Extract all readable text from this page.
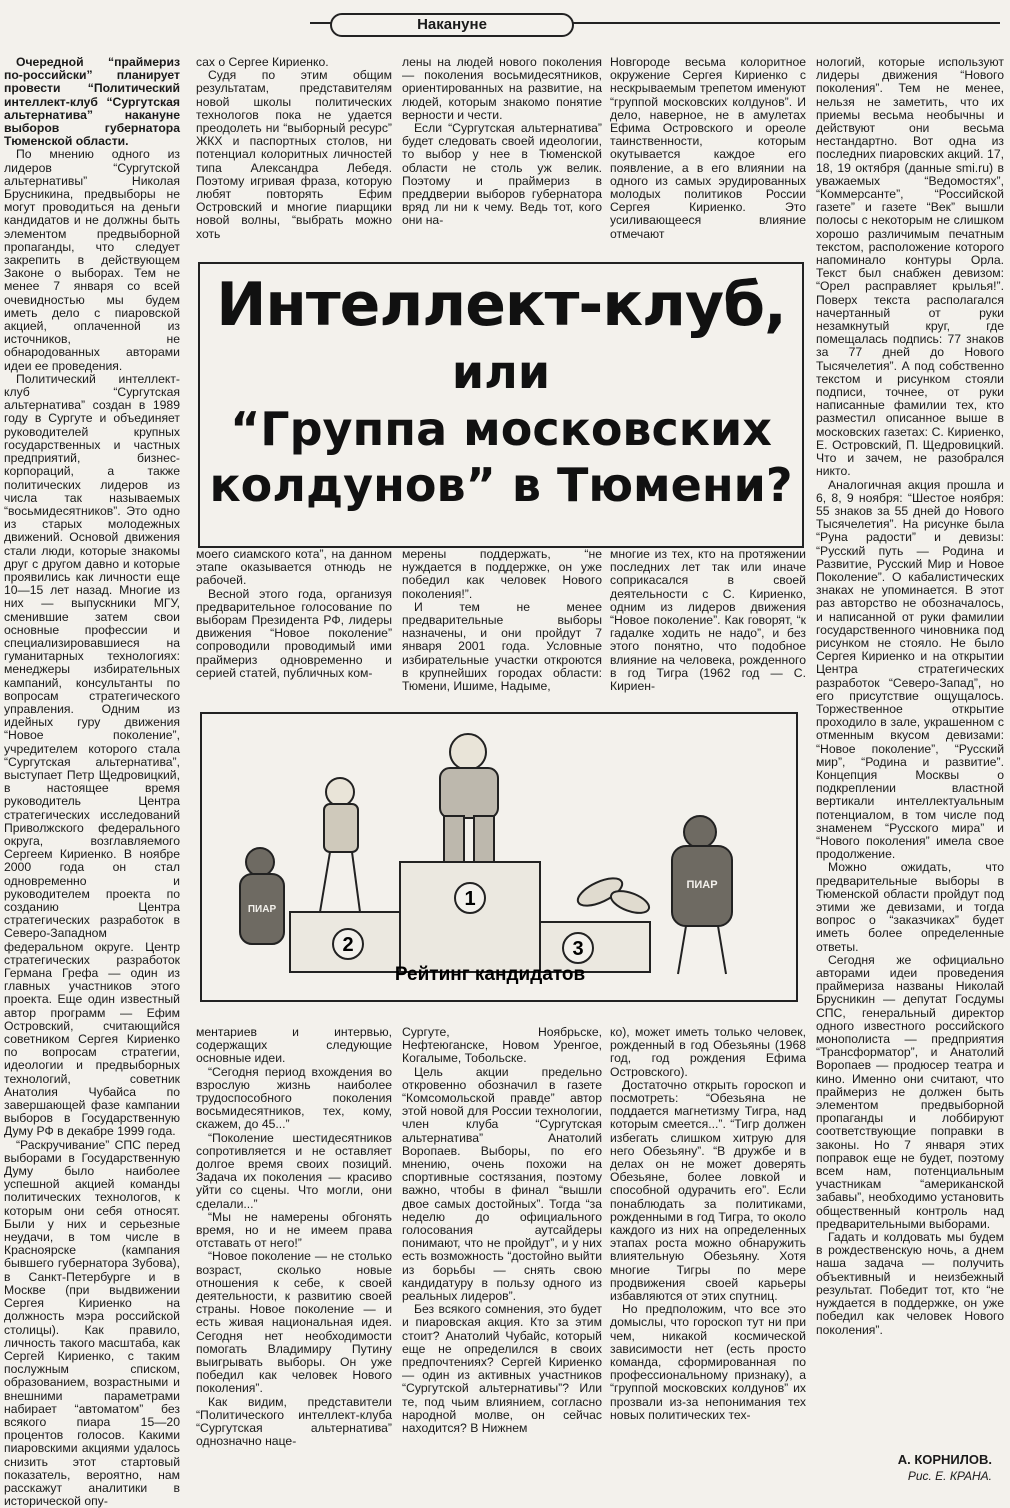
Накануне

Очередной “праймериз по-российски” планирует провести “Политический интеллект-клуб “Сургутская альтернатива” накануне выборов губернатора Тюменской области.

По мнению одного из лидеров “Сургутской альтернативы” Николая Брусникина, предвыборы не могут проводиться на деньги кандидатов и не должны быть элементом предвыборной пропаганды, что следует закрепить в действующем Законе о выборах. Тем не менее 7 января со всей очевидностью мы будем иметь дело с пиаровской акцией, оплаченной из источников, не обнародованных авторами идеи ее проведения.

Политический интеллект-клуб “Сургутская альтернатива” создан в 1989 году в Сургуте и объединяет руководителей крупных государственных и частных предприятий, бизнес-корпораций, а также политических лидеров из числа так называемых “восьмидесятников”. Это одно из старых молодежных движений. Основой движения стали люди, которые знакомы друг с другом давно и которые проявились как личности еще 10—15 лет назад. Многие из них — выпускники МГУ, сменившие затем свои основные профессии и специализировавшиеся на гуманитарных технологиях: менеджеры избирательных кампаний, консультанты по вопросам стратегического управления. Одним из идейных гуру движения “Новое поколение”, учредителем которого стала “Сургутская альтернатива”, выступает Петр Щедровицкий, в настоящее время руководитель Центра стратегических исследований Приволжского федерального округа, возглавляемого Сергеем Кириенко. В ноябре 2000 года он стал одновременно и руководителем проекта по созданию Центра стратегических разработок в Северо-Западном федеральном округе. Центр стратегических разработок Германа Грефа — один из главных участников этого проекта. Еще один известный автор программ — Ефим Островский, считающийся советником Сергея Кириенко по вопросам стратегии, идеологии и предвыборных технологий, советник Анатолия Чубайса по завершающей фазе кампании выборов в Государственную Думу РФ в декабре 1999 года.

“Раскручивание” СПС перед выборами в Государственную Думу было наиболее успешной акцией команды политических технологов, к которым они себя относят. Были у них и серьезные неудачи, в том числе в Красноярске (кампания бывшего губернатора Зубова), в Санкт-Петербурге и в Москве (при выдвижении Сергея Кириенко на должность мэра российской столицы). Как правило, личность такого масштаба, как Сергей Кириенко, с таким послужным списком, образованием, возрастными и внешними параметрами набирает “автоматом” без всякого пиара 15—20 процентов голосов. Какими пиаровскими акциями удалось снизить этот стартовый показатель, вероятно, нам расскажут аналитики в исторической опу-

сах о Сергее Кириенко.

Судя по этим общим результатам, представителям новой школы политических технологов пока не удается преодолеть ни “выборный ресурс” ЖКХ и паспортных столов, ни потенциал колоритных личностей типа Александра Лебедя. Поэтому игривая фраза, которую любят повторять Ефим Островский и многие пиарщики новой волны, “выбрать можно хоть

лены на людей нового поколения — поколения восьмидесятников, ориентированных на развитие, на людей, которым знакомо понятие верности и чести.

Если “Сургутская альтернатива” будет следовать своей идеологии, то выбор у нее в Тюменской области не столь уж велик. Поэтому и праймериз в преддверии выборов губернатора вряд ли ни к чему. Ведь тот, кого они на-

Новгороде весьма колоритное окружение Сергея Кириенко с нескрываемым трепетом именуют “группой московских колдунов”. И дело, наверное, не в амулетах Ефима Островского и ореоле таинственности, которым окутывается каждое его появление, а в его влиянии на одного из самых эрудированных молодых политиков России Сергея Кириенко. Это усиливающееся влияние отмечают

нологий, которые используют лидеры движения “Нового поколения”. Тем не менее, нельзя не заметить, что их приемы весьма необычны и действуют они весьма нестандартно. Вот одна из последних пиаровских акций. 17, 18, 19 октября (данные smi.ru) в уважаемых “Ведомостях”, “Коммерсанте”, “Российской газете” и газете “Век” вышли полосы с некоторым не слишком хорошо различимым печатным текстом, расположение которого напоминало контуры Орла. Текст был снабжен девизом: “Орел расправляет крылья!”. Поверх текста располагался начертанный от руки незамкнутый круг, где помещалась подпись: 77 знаков за 77 дней до Нового Тысячелетия”. А под собственно текстом и рисунком стояли подписи, точнее, от руки написанные фамилии тех, кто разместил описанное выше в московских газетах: С. Кириенко, Е. Островский, П. Щедровицкий. Что и зачем, не разобрался никто.

Аналогичная акция прошла и 6, 8, 9 ноября: “Шестое ноября: 55 знаков за 55 дней до Нового Тысячелетия”. На рисунке была “Руна радости” и девизы: “Русский путь — Родина и Развитие, Русский Мир и Новое Поколение”. О кабалистических знаках не упоминается. В этот раз авторство не обозначалось, и написанной от руки фамилии государственного чиновника под рисунком не стояло. Не было Сергея Кириенко и на открытии Центра стратегических разработок “Северо-Запад”, но его присутствие ощущалось. Торжественное открытие проходило в зале, украшенном с отменным вкусом девизами: “Новое поколение”, “Русский мир”, “Родина и развитие”. Концепция Москвы о подкреплении властной вертикали интеллектуальным потенциалом, в том числе под знаменем “Русского мира” и “Нового поколения” имела свое продолжение.

Можно ожидать, что предварительные выборы в Тюменской области пройдут под этими же девизами, и тогда вопрос о “заказчиках” будет иметь более определенные ответы.

Сегодня же официально авторами идеи проведения праймериза названы Николай Брусникин — депутат Госдумы СПС, генеральный директор одного известного российского монополиста — предприятия “Трансформатор”, и Анатолий Воропаев — продюсер театра и кино. Именно они считают, что праймериз не должен быть элементом предвыборной пропаганды и лоббируют соответствующие поправки в законы. Но 7 января этих поправок еще не будет, поэтому всем нам, потенциальным участникам “американской забавы”, необходимо установить общественный контроль над предварительными выборами.

Гадать и колдовать мы будем в рождественскую ночь, а днем наша задача — получить объективный и неизбежный результат. Победит тот, кто “не нуждается в поддержке, он уже победил как человек Нового поколения”.

Интеллект-клуб,
или
“Группа московских
колдунов” в Тюмени?

моего сиамского кота”, на данном этапе оказывается отнюдь не рабочей.

Весной этого года, организуя предварительное голосование по выборам Президента РФ, лидеры движения “Новое поколение” сопроводили проводимый ими праймериз одновременно и серией статей, публичных ком-

мерены поддержать, “не нуждается в поддержке, он уже победил как человек Нового поколения!”.

И тем не менее предварительные выборы назначены, и они пройдут 7 января 2001 года. Условные избирательные участки откроются в крупнейших городах области: Тюмени, Ишиме, Надыме,

многие из тех, кто на протяжении последних лет так или иначе соприкасался в своей деятельности с С. Кириенко, одним из лидеров движения “Новое поколение”. Как говорят, “к гадалке ходить не надо”, и без этого понятно, что подобное влияние на человека, рожденного в год Тигра (1962 год — С. Кириен-

1
2	3
ПИАР
ПИАР
Рейтинг кандидатов

ментариев и интервью, содержащих следующие основные идеи.

“Сегодня период вхождения во взрослую жизнь наиболее трудоспособного поколения восьмидесятников, тех, кому, скажем, до 45...”

“Поколение шестидесятников сопротивляется и не оставляет долгое время своих позиций. Задача их поколения — красиво уйти со сцены. Что могли, они сделали...”

“Мы не намерены обгонять время, но и не имеем права отставать от него!”

“Новое поколение — не столько возраст, сколько новые отношения к себе, к своей деятельности, к развитию своей страны. Новое поколение — и есть живая национальная идея. Сегодня нет необходимости помогать Владимиру Путину выигрывать выборы. Он уже победил как человек Нового поколения”.

Как видим, представители “Политического интеллект-клуба “Сургутская альтернатива” однозначно наце-

Сургуте, Ноябрьске, Нефтеюганске, Новом Уренгое, Когалыме, Тобольске.

Цель акции предельно откровенно обозначил в газете “Комсомольской правде” автор этой новой для России технологии, член клуба “Сургутская альтернатива” Анатолий Воропаев. Выборы, по его мнению, очень похожи на спортивные состязания, поэтому важно, чтобы в финал “вышли двое самых достойных”. Тогда “за неделю до официального голосования аутсайдеры понимают, что не пройдут”, и у них есть возможность “достойно выйти из борьбы — снять свою кандидатуру в пользу одного из реальных лидеров”.

Без всякого сомнения, это будет и пиаровская акция. Кто за этим стоит? Анатолий Чубайс, который еще не определился в своих предпочтениях? Сергей Кириенко — один из активных участников “Сургутской альтернативы”? Или те, под чьим влиянием, согласно народной молве, он сейчас находится? В Нижнем

ко), может иметь только человек, рожденный в год Обезьяны (1968 год, год рождения Ефима Островского).

Достаточно открыть гороскоп и посмотреть: “Обезьяна не поддается магнетизму Тигра, над которым смеется...”. “Тигр должен избегать слишком хитрую для него Обезьяну”. “В дружбе и в делах он не может доверять Обезьяне, более ловкой и способной одурачить его”. Если понаблюдать за политиками, рожденными в год Тигра, то около каждого из них на определенных этапах роста можно обнаружить влиятельную Обезьяну. Хотя многие Тигры по мере продвижения своей карьеры избавляются от этих спутниц.

Но предположим, что все это домыслы, что гороскоп тут ни при чем, никакой космической зависимости нет (есть просто команда, сформированная по профессиональному признаку), а “группой московских колдунов” их прозвали из-за непонимания тех новых политических тех-

А. КОРНИЛОВ.
Рис. Е. КРАНА.
